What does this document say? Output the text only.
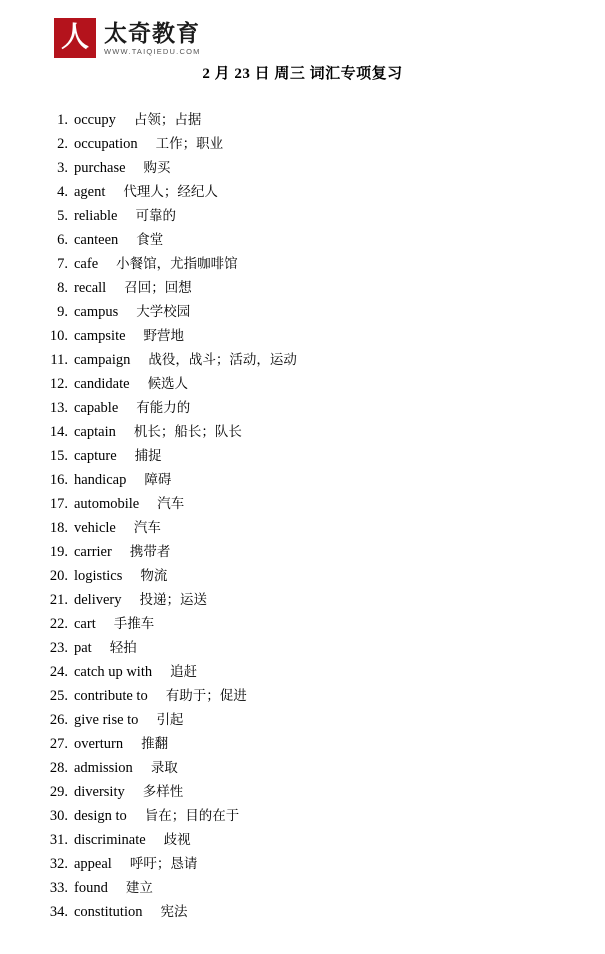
人 太奇教育
WWW.TAIQIEDU.COM
2 月 23 日 周三 词汇专项复习
1. occupy 占领；占据
2. occupation 工作；职业
3. purchase 购买
4. agent 代理人；经纪人
5. reliable 可靠的
6. canteen 食堂
7. cafe 小餐馆，尤指咖啡馆
8. recall 召回；回想
9. campus 大学校园
10. campsite 野营地
11. campaign 战役，战斗；活动，运动
12. candidate 候选人
13. capable 有能力的
14. captain 机长；船长；队长
15. capture 捕捉
16. handicap 障碍
17. automobile 汽车
18. vehicle 汽车
19. carrier 携带者
20. logistics 物流
21. delivery 投递；运送
22. cart 手推车
23. pat 轻拍
24. catch up with 追赶
25. contribute to 有助于；促进
26. give rise to 引起
27. overturn 推翻
28. admission 录取
29. diversity 多样性
30. design to 旨在；目的在于
31. discriminate 歧视
32. appeal 呼吁；恳请
33. found 建立
34. constitution 宪法
